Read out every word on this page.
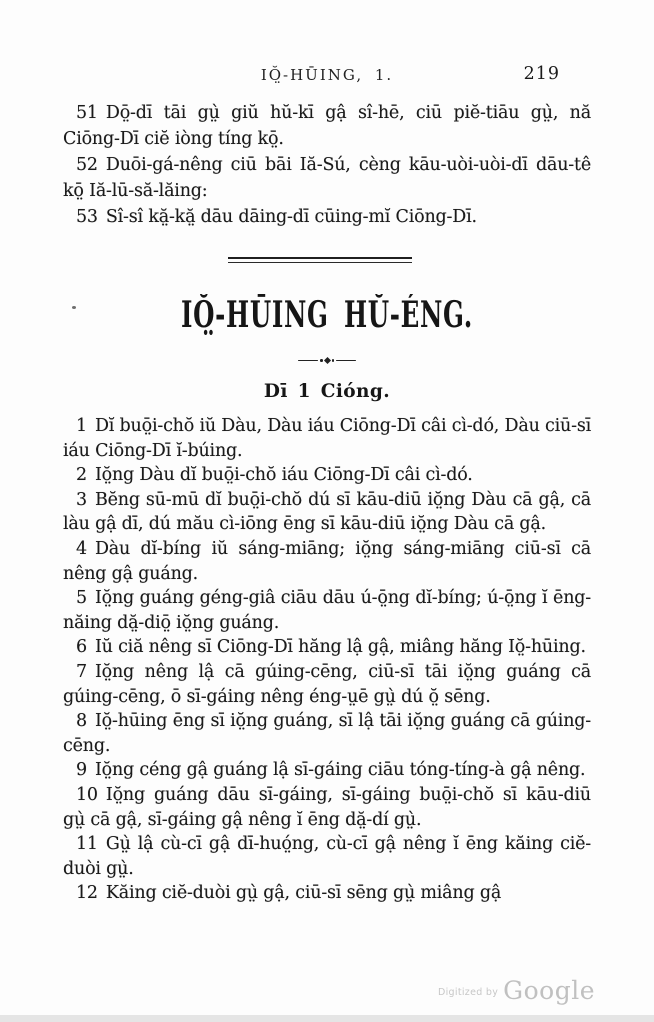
IŎ̤-HŪING, 1.	219

51 Dō̤-dī tāi gṳ̀ giŭ hŭ-kī gậ sî-hē, ciū piĕ-tiāu gṳ̀, nă Ciōng-Dī ciĕ iòng tíng kō̤.

52 Duōi-gá-nêng ciū bāi Iă-Sú, cèng kāu-uòi-uòi-dī dāu-tê kō̤ Iă-lū-să-lăing:

53 Sî-sî kă̤-kă̤ dāu dāing-dī cūing-mĭ Ciōng-Dī.

IŎ̤-HŪING HŬ-ÉNG.
Dī 1 Cióng.

1 Dĭ buō̤i-chŏ iŭ Dàu, Dàu iáu Ciōng-Dī câi cì-dó, Dàu ciū-sī iáu Ciōng-Dī ĭ-búing.

2 Iŏ̤ng Dàu dĭ buō̤i-chŏ iáu Ciōng-Dī câi cì-dó.

3 Bĕng sū-mū dĭ buō̤i-chŏ dú sī kāu-diū iŏ̤ng Dàu cā gậ, cā làu gậ dī, dú mău cì-iōng ēng sī kāu-diū iŏ̤ng Dàu cā gậ.

4 Dàu dĭ-bíng iŭ sáng-miāng; iŏ̤ng sáng-miāng ciū-sī cā nêng gậ guáng.

5 Iŏ̤ng guáng géng-giâ ciāu dāu ú-ō̤ng dĭ-bíng; ú-ō̤ng ĭ ēng-năing dă̤-diō̤ iŏ̤ng guáng.

6 Iŭ ciă nêng sī Ciōng-Dī hăng lậ gậ, miâng hăng Iŏ̤-hūing.

7 Iŏ̤ng nêng lậ cā gúing-cēng, ciū-sī tāi iŏ̤ng guáng cā gúing-cēng, ō sī-gáing nêng éng-ṳē gṳ̀ dú ŏ̤ sēng.

8 Iŏ̤-hūing ēng sī iŏ̤ng guáng, sī lậ tāi iŏ̤ng guáng cā gúing-cēng.

9 Iŏ̤ng céng gậ guáng lậ sī-gáing ciāu tóng-tíng-à gậ nêng.

10 Iŏ̤ng guáng dāu sī-gáing, sī-gáing buō̤i-chŏ sī kāu-diū gṳ̀ cā gậ, sī-gáing gậ nêng ĭ ēng dă̤-dí gṳ̀.

11 Gṳ̀ lậ cù-cī gậ dī-huó̤ng, cù-cī gậ nêng ĭ ēng kăing ciĕ-duòi gṳ̀.

12 Kăing ciĕ-duòi gṳ̀ gậ, ciū-sī sēng gṳ̀ miâng gậ

Digitized by Google
